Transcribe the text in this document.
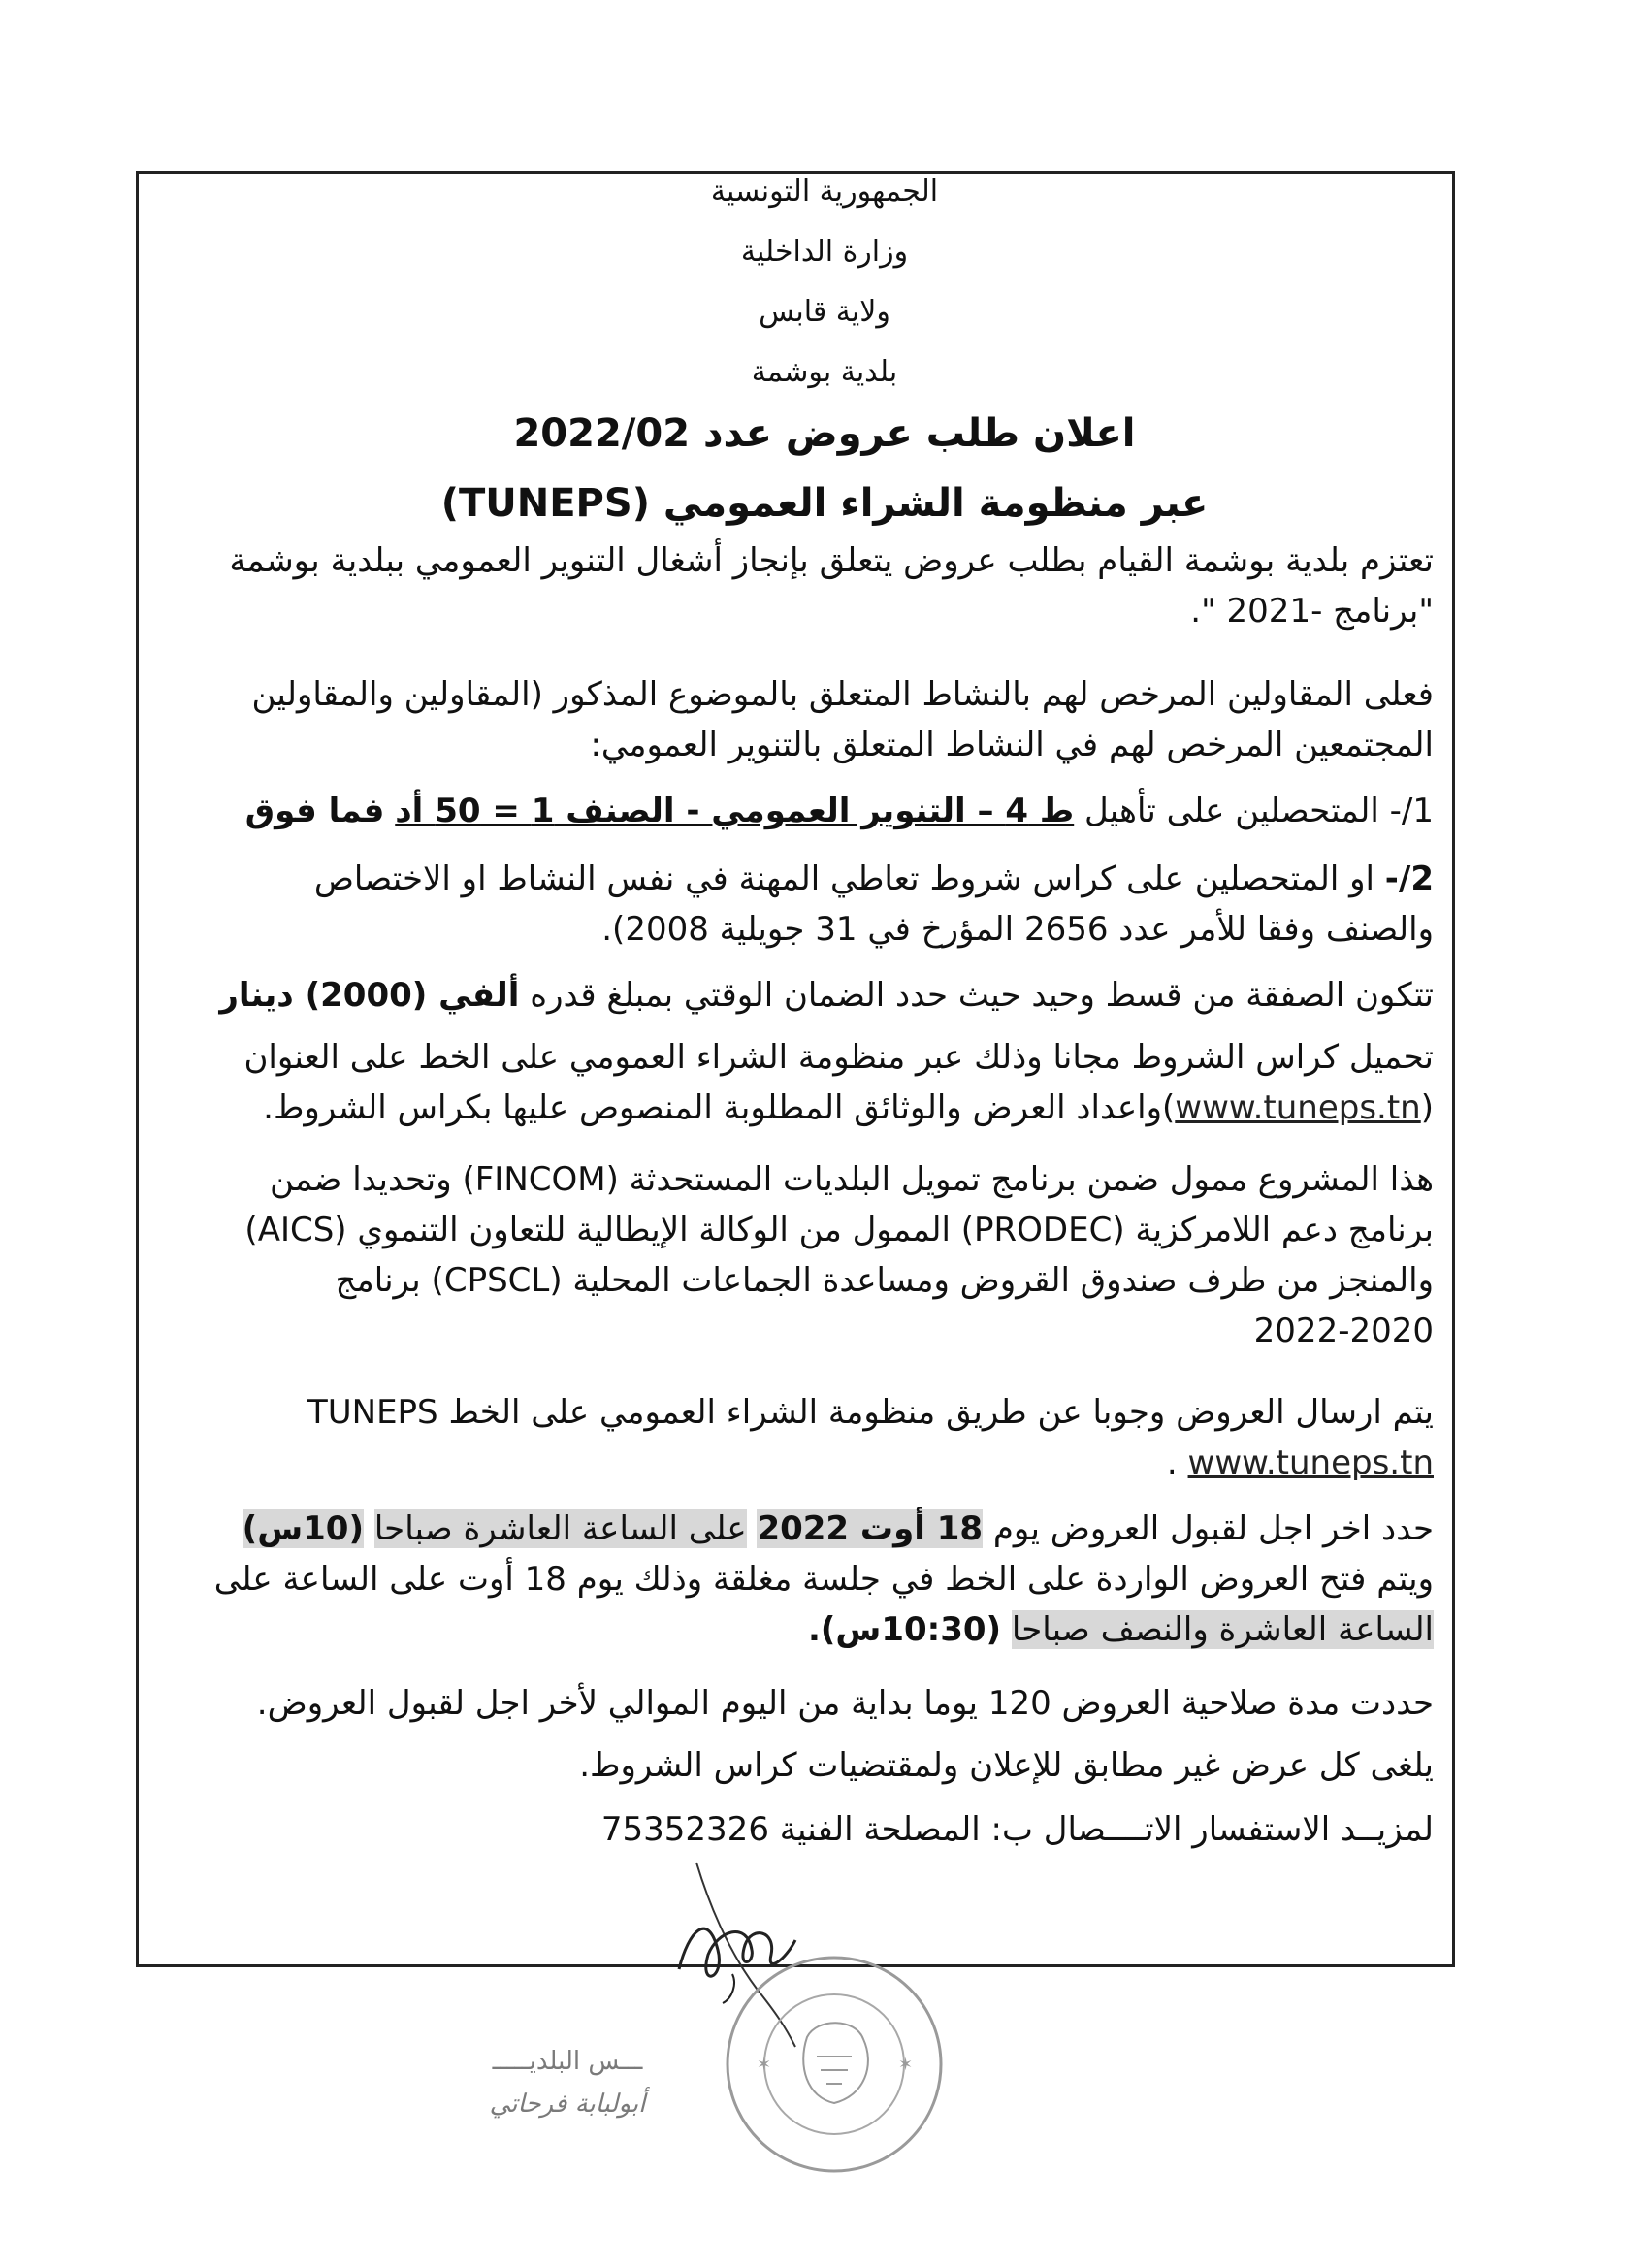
الجمهورية التونسية
وزارة الداخلية
ولاية قابس
بلدية بوشمة
اعلان طلب عروض عدد 2022/02
عبر منظومة الشراء العمومي (TUNEPS)
تعتزم بلدية بوشمة القيام بطلب عروض يتعلق بإنجاز أشغال التنوير العمومي ببلدية بوشمة
"برنامج -2021 ".
فعلى المقاولين المرخص لهم بالنشاط المتعلق بالموضوع المذكور (المقاولين والمقاولين
المجتمعين المرخص لهم في النشاط المتعلق بالتنوير العمومي:
1/- المتحصلين على تأهيل ط 4 – التنوير العمومي - الصنف 1 = 50 أد فما فوق
2/- او المتحصلين على كراس شروط تعاطي المهنة في نفس النشاط او الاختصاص
والصنف وفقا للأمر عدد 2656 المؤرخ في 31 جويلية 2008).
تتكون الصفقة من قسط وحيد حيث حدد الضمان الوقتي بمبلغ قدره ألفي (2000) دينار
تحميل كراس الشروط مجانا وذلك عبر منظومة الشراء العمومي على الخط على العنوان
(www.tuneps.tn)واعداد العرض والوثائق المطلوبة المنصوص عليها بكراس الشروط.
هذا المشروع ممول ضمن برنامج تمويل البلديات المستحدثة (FINCOM) وتحديدا ضمن
برنامج دعم اللامركزية (PRODEC) الممول من الوكالة الإيطالية للتعاون التنموي (AICS)
والمنجز من طرف صندوق القروض ومساعدة الجماعات المحلية (CPSCL) برنامج
2022-2020
يتم ارسال العروض وجوبا عن طريق منظومة الشراء العمومي على الخط TUNEPS
www.tuneps.tn .
حدد اخر اجل لقبول العروض يوم 18 أوت 2022 على الساعة العاشرة صباحا (10س)
ويتم فتح العروض الواردة على الخط في جلسة مغلقة وذلك يوم 18 أوت على الساعة على
الساعة العاشرة والنصف صباحا (10:30س).
حددت مدة صلاحية العروض 120 يوما بداية من اليوم الموالي لأخر اجل لقبول العروض.
يلغى كل عرض غير مطابق للإعلان ولمقتضيات كراس الشروط.
لمزيــد الاستفسار الاتــــصال ب: المصلحة الفنية 75352326
✶	✶
ـــس البلديـــــ
أبولبابة فرحاتي
